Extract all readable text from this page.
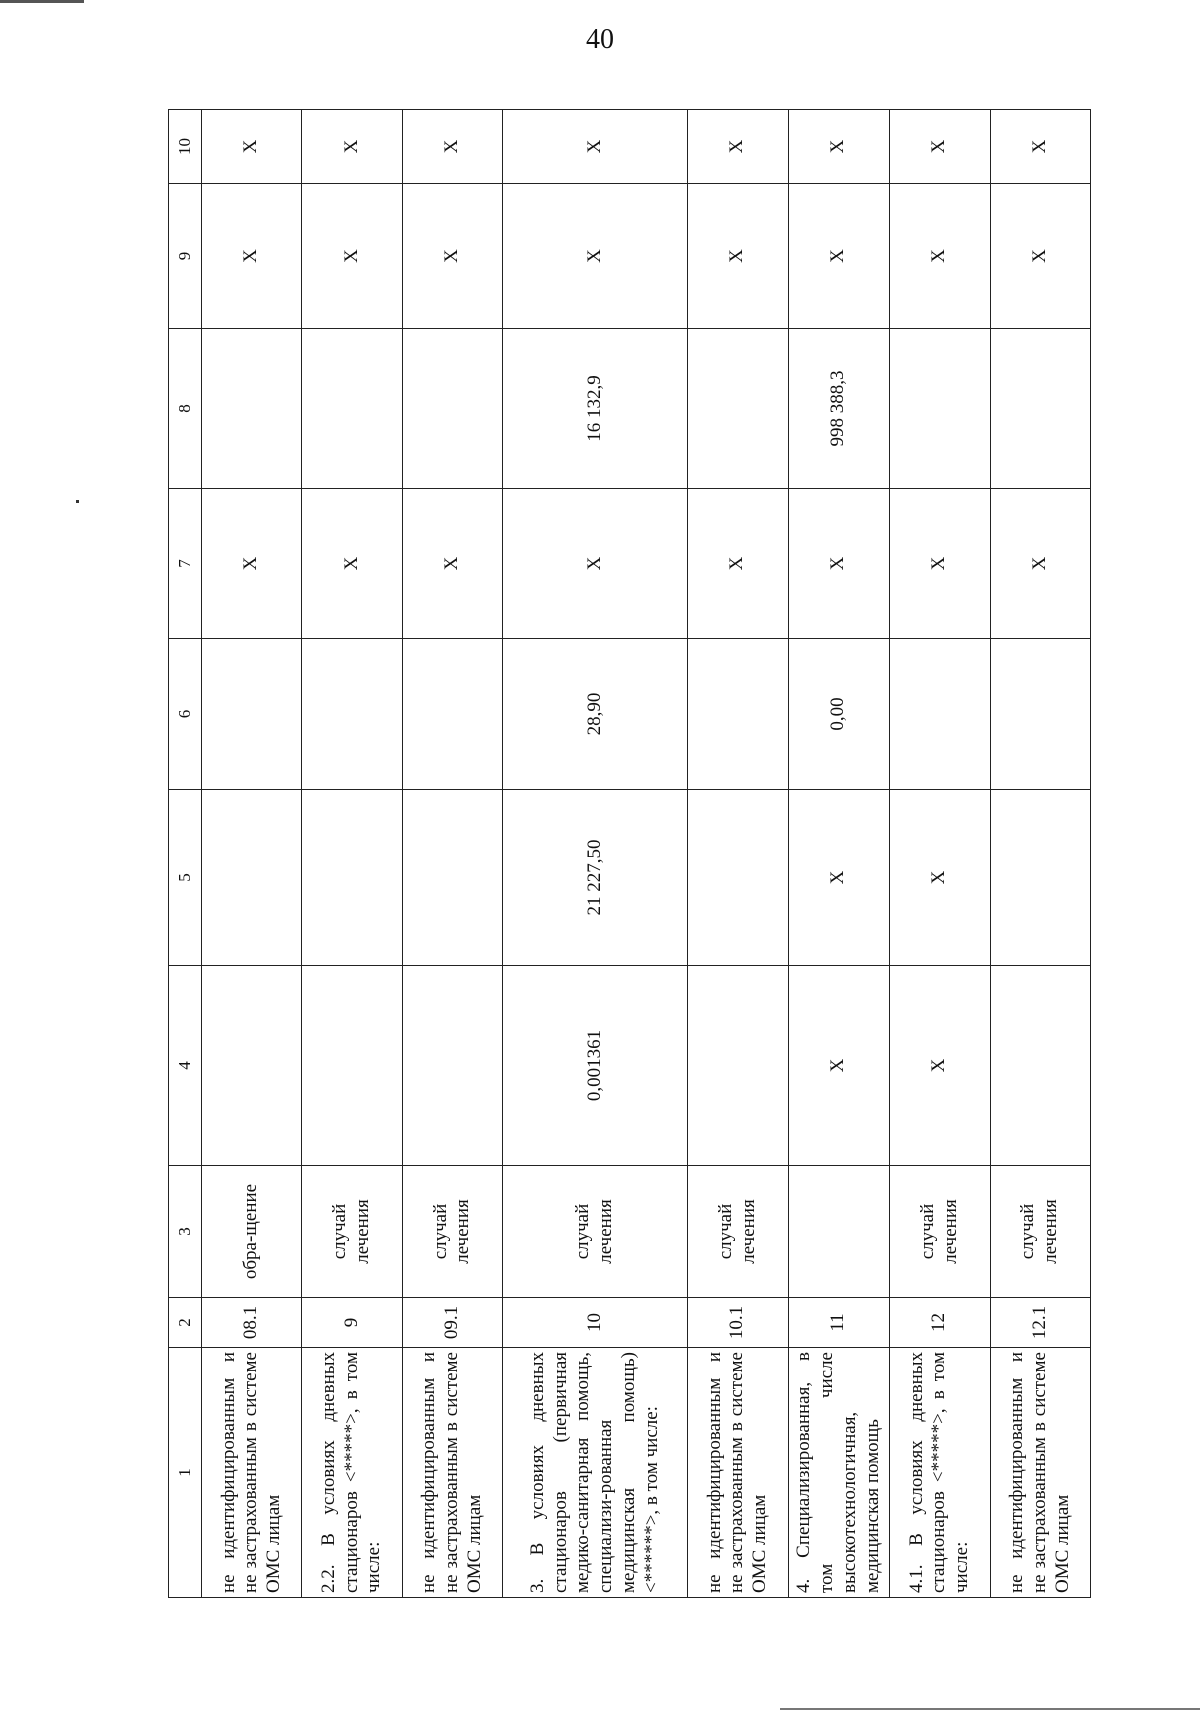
40
1	2	3	4	5	6	7	8	9	10
не идентифицированным и не застрахованным в системе ОМС лицам	08.1	обра-щение				Х		Х	Х
2.2. В условиях дневных стационаров <*****>, в том числе:	9	случай лечения				Х		Х	Х
не идентифицированным и не застрахованным в системе ОМС лицам	09.1	случай лечения				Х		Х	Х
3. В условиях дневных стационаров (первичная медико-санитарная помощь, специализи-рованная медицинская помощь) <******>, в том числе:	10	случай лечения	0,001361	21 227,50	28,90	Х	16 132,9	Х	Х
не идентифицированным и не застрахованным в системе ОМС лицам	10.1	случай лечения				Х		Х	Х
4. Специализированная, в том числе высокотехнологичная, медицинская помощь	11		Х	Х	0,00	Х	998 388,3	Х	Х
4.1. В условиях дневных стационаров <*****>, в том числе:	12	случай лечения	Х	Х		Х		Х	Х
не идентифицированным и не застрахованным в системе ОМС лицам	12.1	случай лечения				Х		Х	Х
